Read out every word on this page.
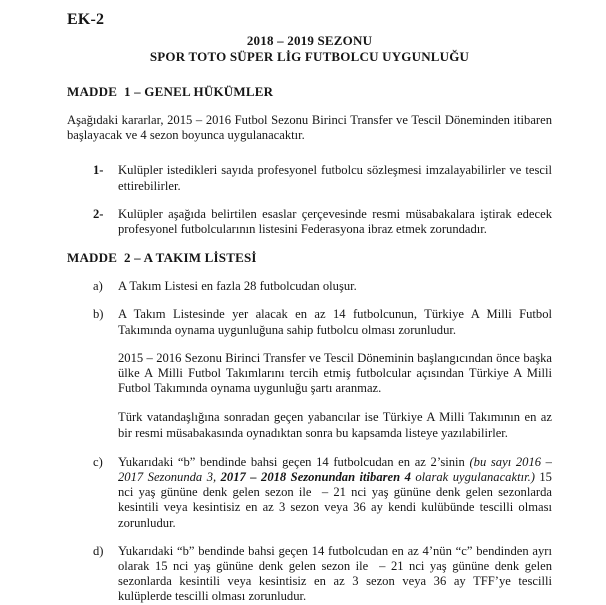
EK-2
2018 – 2019 SEZONU
SPOR TOTO SÜPER LİG FUTBOLCU UYGUNLUĞU
MADDE  1 – GENEL HÜKÜMLER

Aşağıdaki kararlar, 2015 – 2016 Futbol Sezonu Birinci Transfer ve Tescil Döneminden itibaren başlayacak ve 4 sezon boyunca uygulanacaktır.

1- Kulüpler istedikleri sayıda profesyonel futbolcu sözleşmesi imzalayabilirler ve tescil ettirebilirler.
2- Kulüpler aşağıda belirtilen esaslar çerçevesinde resmi müsabakalara iştirak edecek profesyonel futbolcularının listesini Federasyona ibraz etmek zorundadır.
MADDE  2 – A TAKIM LİSTESİ
a) A Takım Listesi en fazla 28 futbolcudan oluşur.
b) A Takım Listesinde yer alacak en az 14 futbolcunun, Türkiye A Milli Futbol Takımında oynama uygunluğuna sahip futbolcu olması zorunludur.

2015 – 2016 Sezonu Birinci Transfer ve Tescil Döneminin başlangıcından önce başka ülke A Milli Futbol Takımlarını tercih etmiş futbolcular açısından Türkiye A Milli Futbol Takımında oynama uygunluğu şartı aranmaz.

Türk vatandaşlığına sonradan geçen yabancılar ise Türkiye A Milli Takımının en az bir resmi müsabakasında oynadıktan sonra bu kapsamda listeye yazılabilirler.

c) Yukarıdaki “b” bendinde bahsi geçen 14 futbolcudan en az 2’sinin (bu sayı 2016 – 2017 Sezonunda 3, 2017 – 2018 Sezonundan itibaren 4 olarak uygulanacaktır.) 15 nci yaş gününe denk gelen sezon ile  – 21 nci yaş gününe denk gelen sezonlarda kesintili veya kesintisiz en az 3 sezon veya 36 ay kendi kulübünde tescilli olması zorunludur.
d) Yukarıdaki “b” bendinde bahsi geçen 14 futbolcudan en az 4’nün “c” bendinden ayrı olarak 15 nci yaş gününe denk gelen sezon ile  – 21 nci yaş gününe denk gelen sezonlarda kesintili veya kesintisiz en az 3 sezon veya 36 ay TFF’ye tescilli kulüplerde tescilli olması zorunludur.
